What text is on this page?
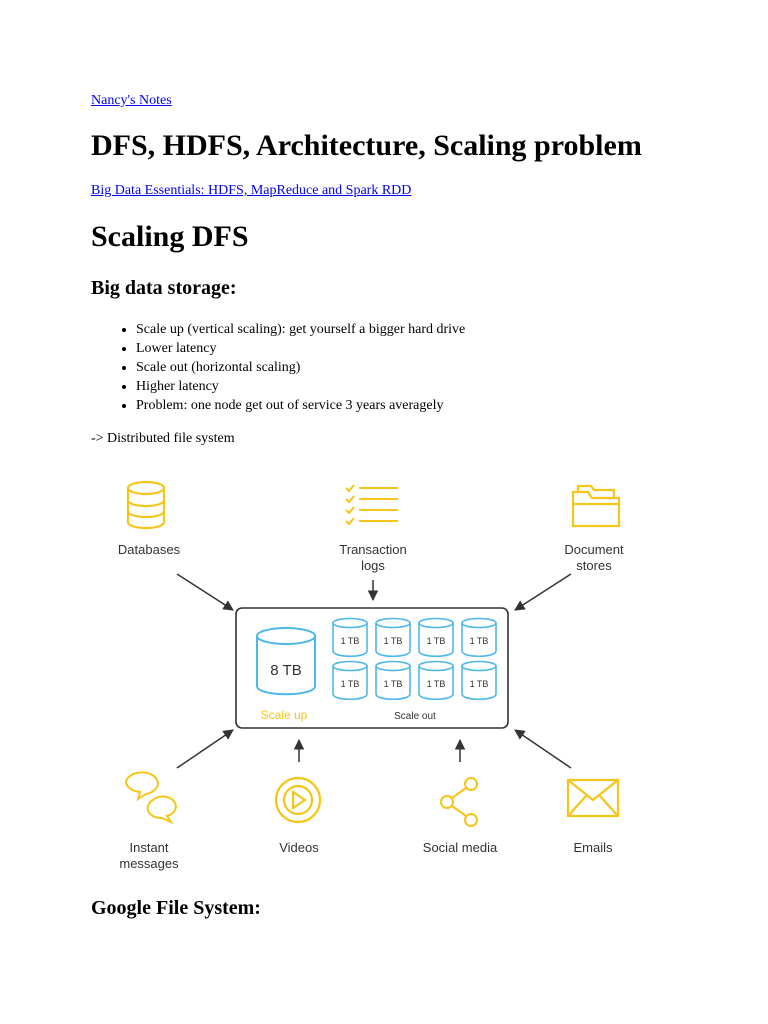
Nancy's Notes
DFS, HDFS, Architecture, Scaling problem
Big Data Essentials: HDFS, MapReduce and Spark RDD
Scaling DFS
Big data storage:
• Scale up (vertical scaling): get yourself a bigger hard drive
• Lower latency
• Scale out (horizontal scaling)
• Higher latency
• Problem: one node get out of service 3 years averagely
-> Distributed file system
Databases	Transaction
logs
Document
stores
8 TB
Scale up
1 TB	1 TB	1 TB	1 TB
1 TB	1 TB	1 TB	1 TB
Scale out
Instant
messages
Videos	Social media	Emails
Google File System:
